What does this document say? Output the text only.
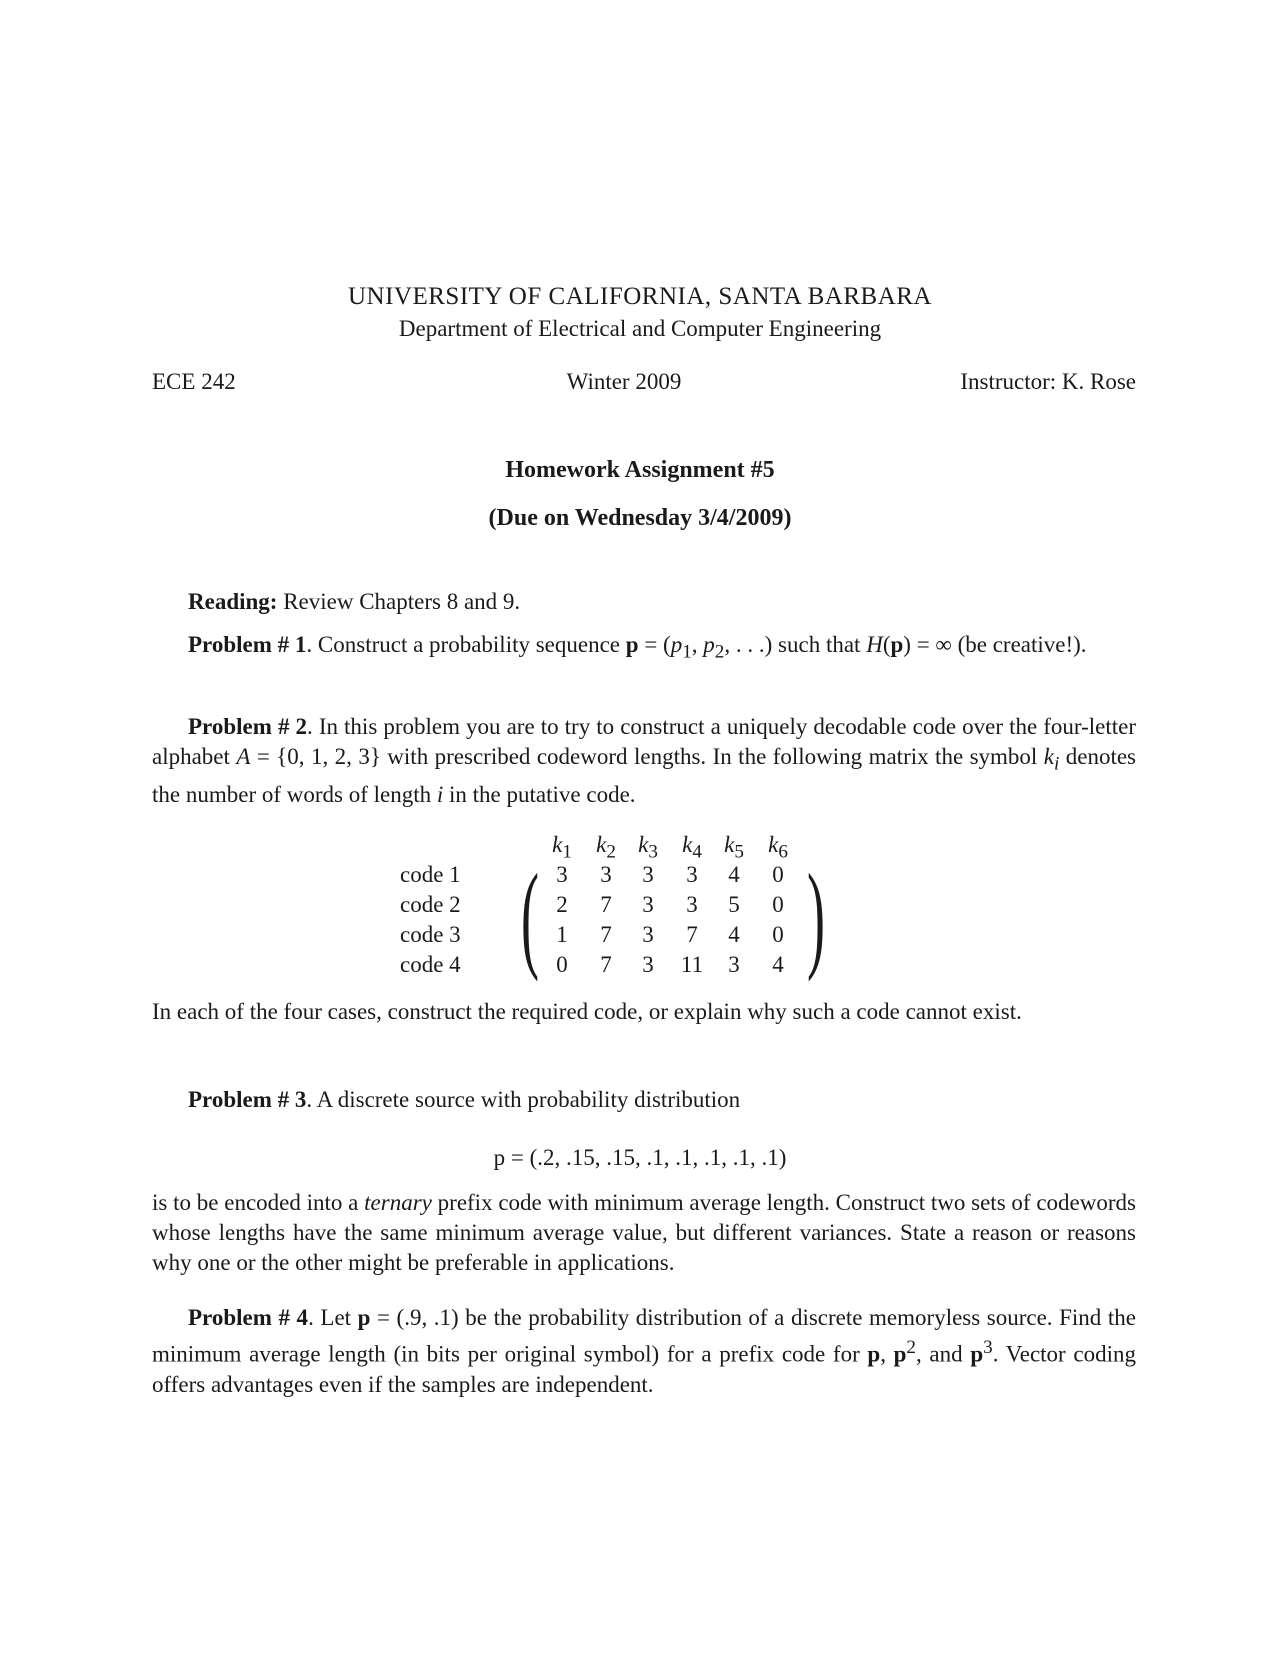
UNIVERSITY OF CALIFORNIA, SANTA BARBARA
Department of Electrical and Computer Engineering
ECE 242	Winter 2009	Instructor: K. Rose
Homework Assignment #5
(Due on Wednesday 3/4/2009)
Reading: Review Chapters 8 and 9.
Problem # 1. Construct a probability sequence $p = (p_1$, $p_2$, . . .) such that H(p) = ∞ (be creative!).
Problem # 2. In this problem you are to try to construct a uniquely decodable code over the four-letter alphabet A = {0, 1, 2, 3} with prescribed codeword lengths. In the following matrix the symbol $k_i$ denotes the number of words of length i in the putative code.
$k_1$	$k_2$ $k_3$	$k_4$ $k_5$	$k_6$
( )
code 1	3	3	3	3	4	0
code 2	2	7	3	3	5	0
code 3	1	7	3	7	4	0
code 4	0	7	3	11	3	4
In each of the four cases, construct the required code, or explain why such a code cannot exist.
Problem # 3. A discrete source with probability distribution
p = (.2, .15, .15, .1, .1, .1, .1, .1)
is to be encoded into a ternary prefix code with minimum average length. Construct two sets of codewords whose lengths have the same minimum average value, but different variances. State a reason or reasons why one or the other might be preferable in applications.
Problem # 4. Let p = (.9, .1) be the probability distribution of a discrete memoryless source. Find the minimum average length (in bits per original symbol) for a prefix code for p, $p^2$, and $p^3$. Vector coding offers advantages even if the samples are independent.
